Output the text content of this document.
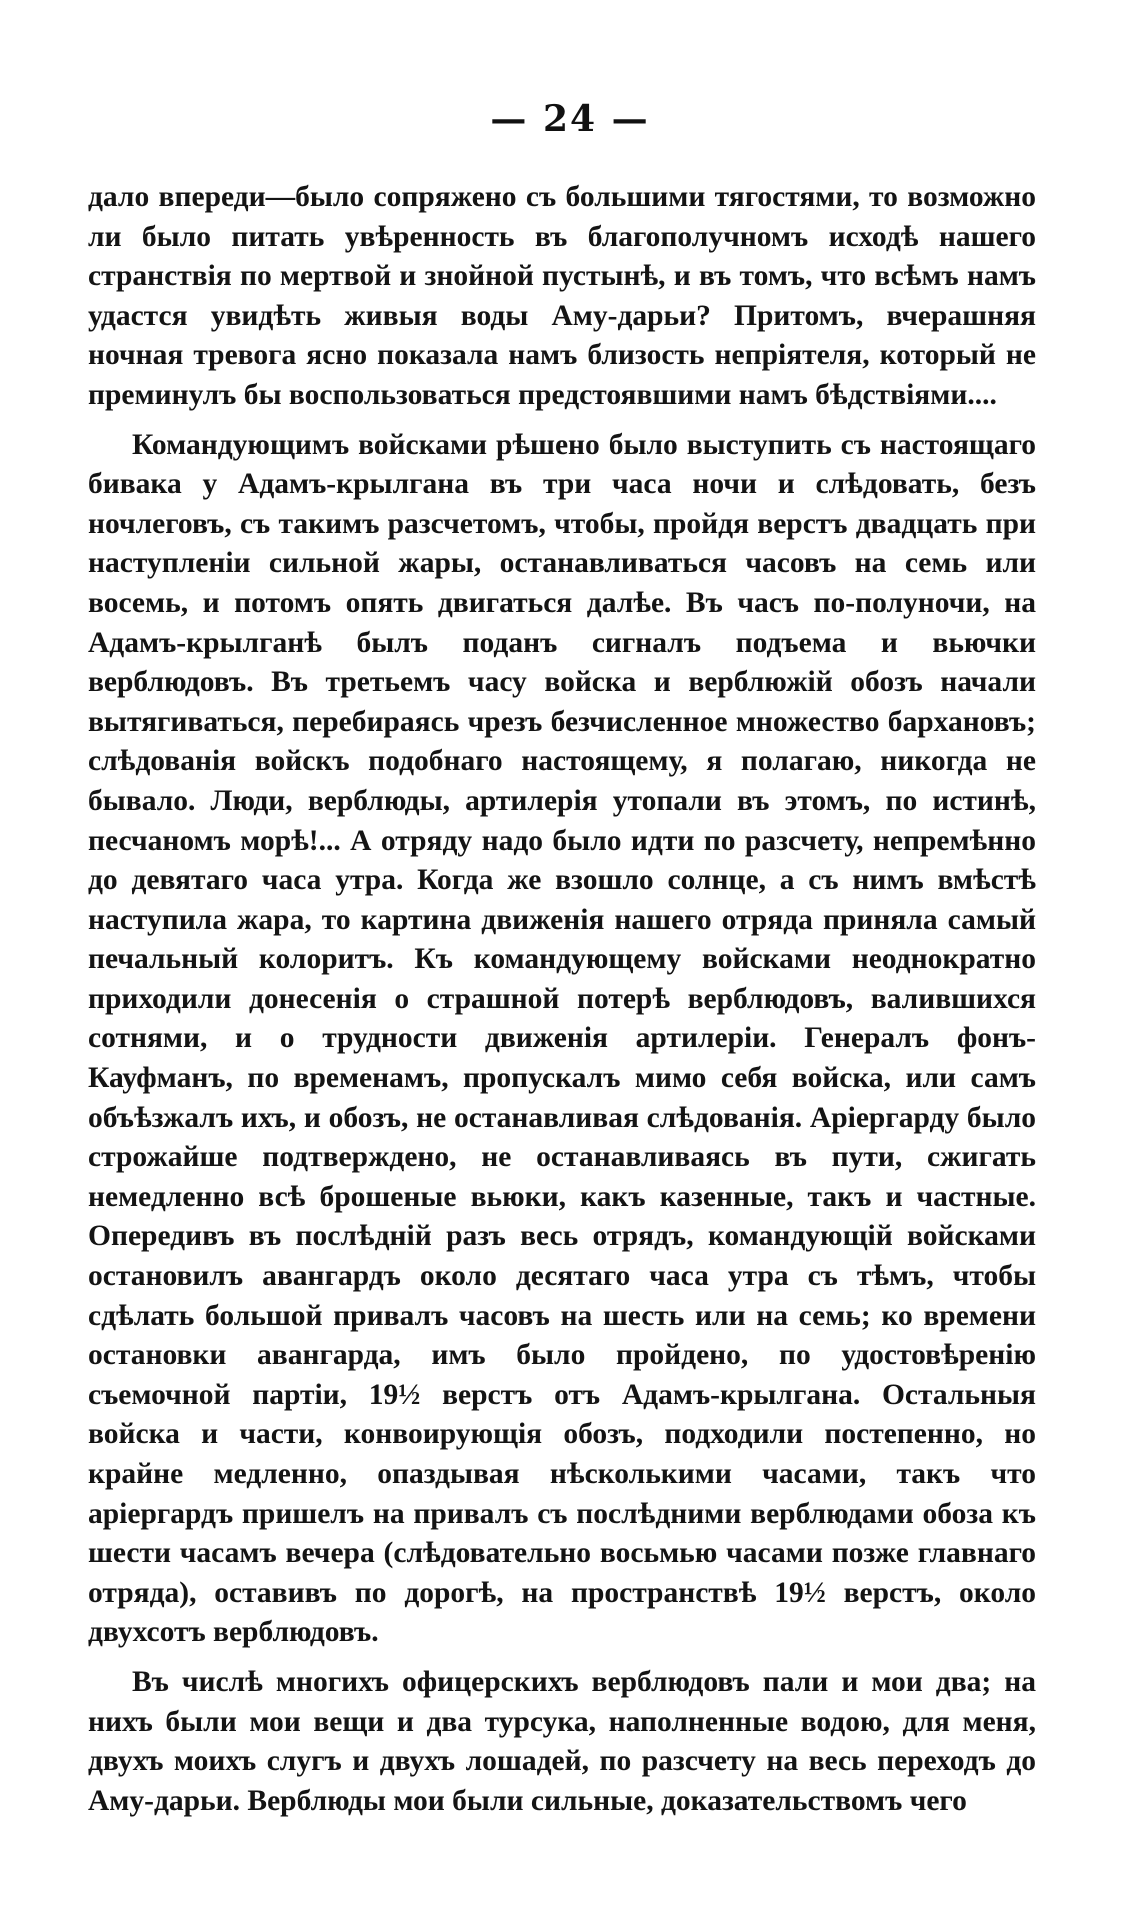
— 24 —

дало впереди—было сопряжено съ большими тягостями, то возможно ли было питать увѣренность въ благополучномъ исходѣ нашего странствія по мертвой и знойной пустынѣ, и въ томъ, что всѣмъ намъ удастся увидѣть живыя воды Аму-дарьи? Притомъ, вчерашняя ночная тревога ясно показала намъ близость непріятеля, который не преминулъ бы воспользоваться предстоявшими намъ бѣдствіями....

Командующимъ войсками рѣшено было выступить съ настоящаго бивака у Адамъ-крылгана въ три часа ночи и слѣдовать, безъ ночлеговъ, съ такимъ разсчетомъ, чтобы, пройдя верстъ двадцать при наступленіи сильной жары, останавливаться часовъ на семь или восемь, и потомъ опять двигаться далѣе. Въ часъ по-полуночи, на Адамъ-крылганѣ былъ поданъ сигналъ подъема и вьючки верблюдовъ. Въ третьемъ часу войска и верблюжій обозъ начали вытягиваться, перебираясь чрезъ безчисленное множество бархановъ; слѣдованія войскъ подобнаго настоящему, я полагаю, никогда не бывало. Люди, верблюды, артилерія утопали въ этомъ, по истинѣ, песчаномъ морѣ!... А отряду надо было идти по разсчету, непремѣнно до девятаго часа утра. Когда же взошло солнце, а съ нимъ вмѣстѣ наступила жара, то картина движенія нашего отряда приняла самый печальный колоритъ. Къ командующему войсками неоднократно приходили донесенія о страшной потерѣ верблюдовъ, валившихся сотнями, и о трудности движенія артилеріи. Генералъ фонъ-Кауфманъ, по временамъ, пропускалъ мимо себя войска, или самъ объѣзжалъ ихъ, и обозъ, не останавливая слѣдованія. Аріергарду было строжайше подтверждено, не останавливаясь въ пути, сжигать немедленно всѣ брошеные вьюки, какъ казенные, такъ и частные. Опередивъ въ послѣдній разъ весь отрядъ, командующій войсками остановилъ авангардъ около десятаго часа утра съ тѣмъ, чтобы сдѣлать большой привалъ часовъ на шесть или на семь; ко времени остановки авангарда, имъ было пройдено, по удостовѣренію съемочной партіи, 19½ верстъ отъ Адамъ-крылгана. Остальныя войска и части, конвоирующія обозъ, подходили постепенно, но крайне медленно, опаздывая нѣсколькими часами, такъ что аріергардъ пришелъ на привалъ съ послѣдними верблюдами обоза къ шести часамъ вечера (слѣдовательно восьмью часами позже главнаго отряда), оставивъ по дорогѣ, на пространствѣ 19½ верстъ, около двухсотъ верблюдовъ.

Въ числѣ многихъ офицерскихъ верблюдовъ пали и мои два; на нихъ были мои вещи и два турсука, наполненные водою, для меня, двухъ моихъ слугъ и двухъ лошадей, по разсчету на весь переходъ до Аму-дарьи. Верблюды мои были сильные, доказательствомъ чего
